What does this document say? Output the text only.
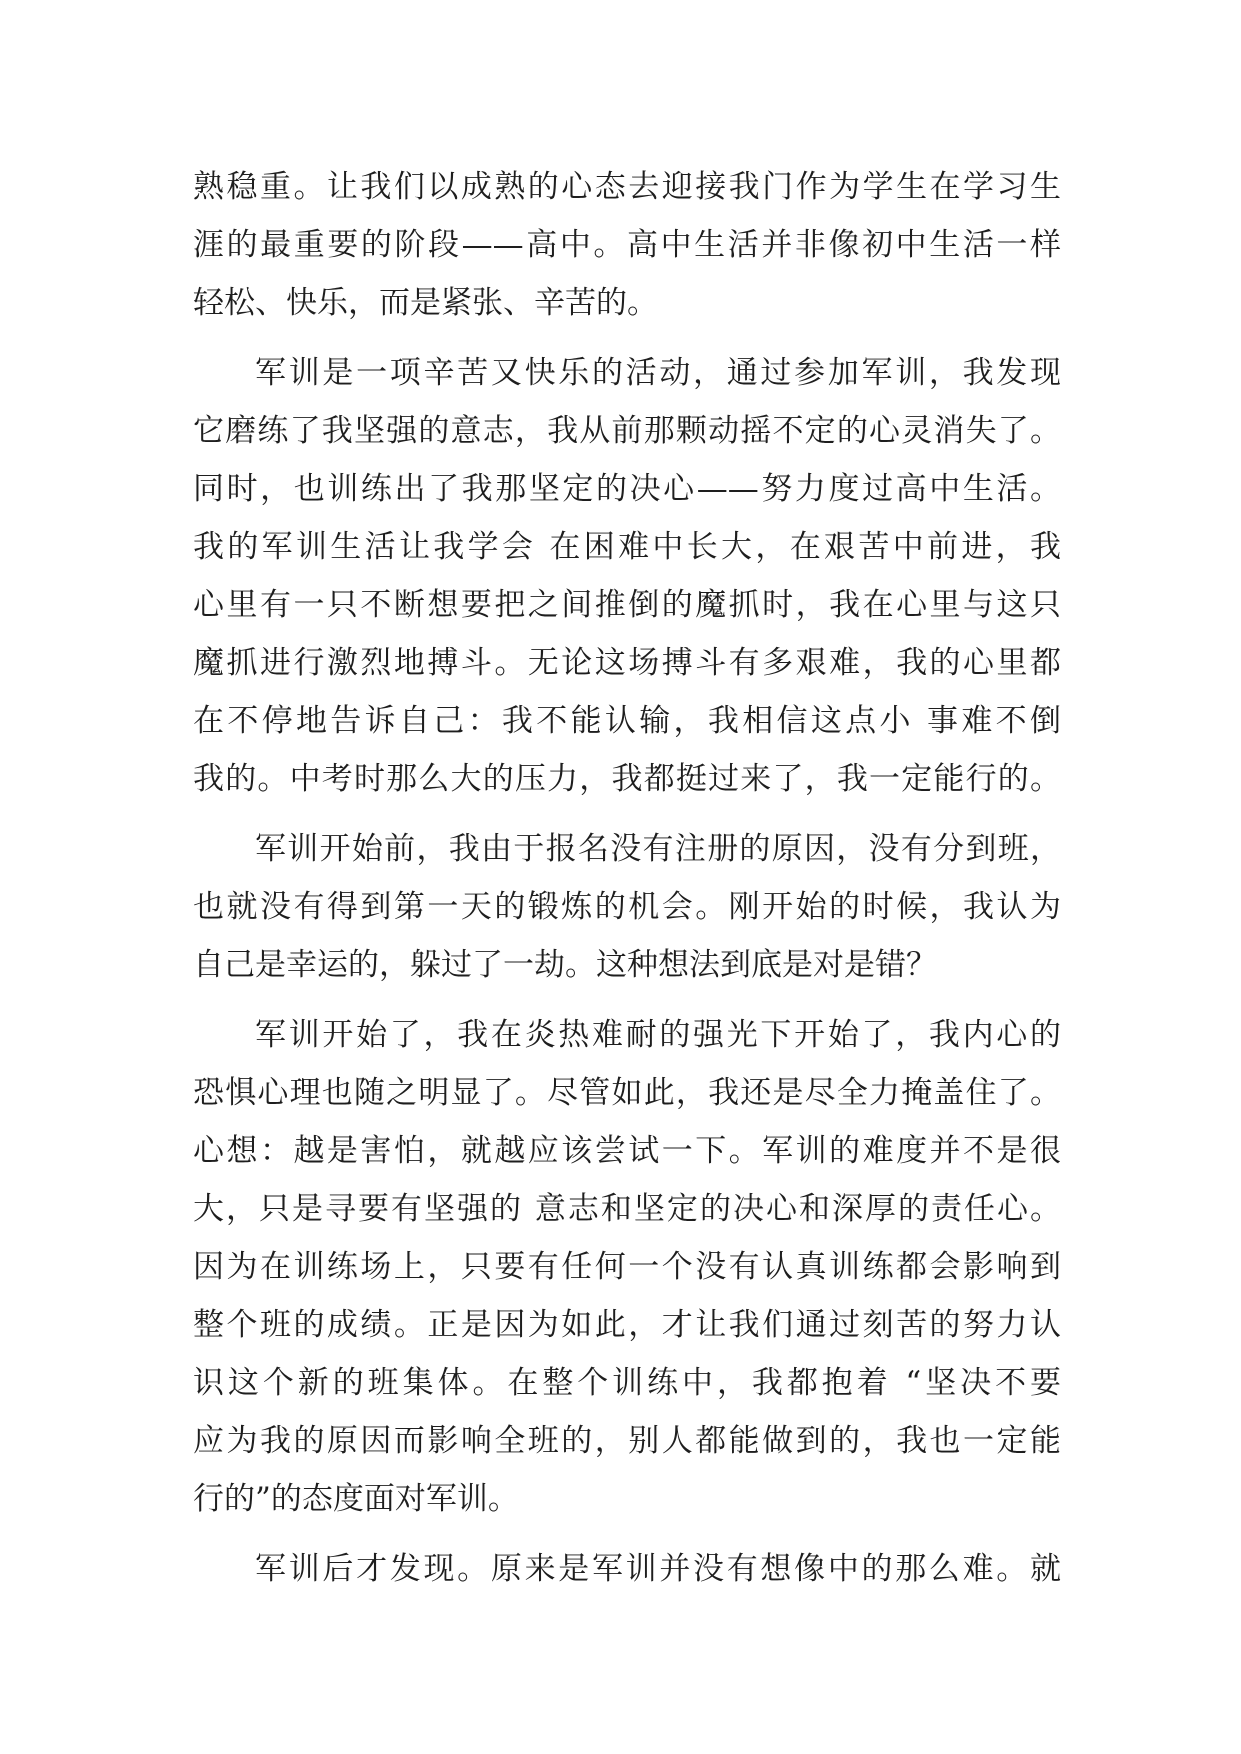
熟稳重。让我们以成熟的心态去迎接我门作为学生在学习生
涯的最重要的阶段——高中。高中生活并非像初中生活一样
轻松、快乐，而是紧张、辛苦的。
军训是一项辛苦又快乐的活动，通过参加军训，我发现
它磨练了我坚强的意志，我从前那颗动摇不定的心灵消失了。
同时，也训练出了我那坚定的决心——努力度过高中生活。
我的军训生活让我学会 在困难中长大，在艰苦中前进，我
心里有一只不断想要把之间推倒的魔抓时，我在心里与这只
魔抓进行激烈地搏斗。无论这场搏斗有多艰难，我的心里都
在不停地告诉自己：我不能认输，我相信这点小 事难不倒
我的。中考时那么大的压力，我都挺过来了，我一定能行的。
军训开始前，我由于报名没有注册的原因，没有分到班，
也就没有得到第一天的锻炼的机会。刚开始的时候，我认为
自己是幸运的，躲过了一劫。这种想法到底是对是错？
军训开始了，我在炎热难耐的强光下开始了，我内心的
恐惧心理也随之明显了。尽管如此，我还是尽全力掩盖住了。
心想：越是害怕，就越应该尝试一下。军训的难度并不是很
大，只是寻要有坚强的 意志和坚定的决心和深厚的责任心。
因为在训练场上，只要有任何一个没有认真训练都会影响到
整个班的成绩。正是因为如此，才让我们通过刻苦的努力认
识这个新的班集体。在整个训练中，我都抱着 “坚决不要
应为我的原因而影响全班的，别人都能做到的，我也一定能
行的”的态度面对军训。
军训后才发现。原来是军训并没有想像中的那么难。就
